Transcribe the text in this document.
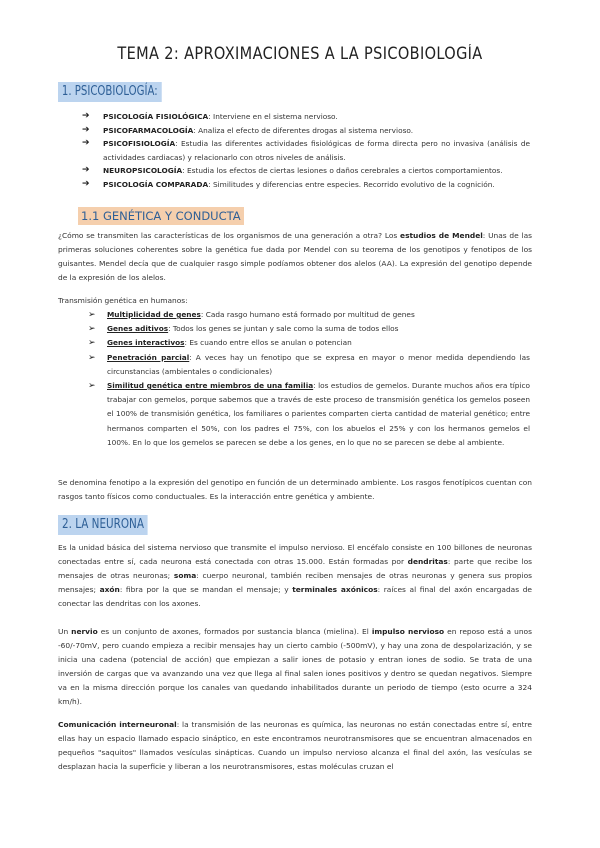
TEMA 2: APROXIMACIONES A LA PSICOBIOLOGÍA
1. PSICOBIOLOGÍA:
➔ PSICOLOGÍA FISIOLÓGICA: Interviene en el sistema nervioso.
➔ PSICOFARMACOLOGÍA: Analiza el efecto de diferentes drogas al sistema nervioso.
➔ PSICOFISIOLOGÍA: Estudia las diferentes actividades fisiológicas de forma directa pero no invasiva (análisis de actividades cardiacas) y relacionarlo con otros niveles de análisis.
➔ NEUROPSICOLOGÍA: Estudia los efectos de ciertas lesiones o daños cerebrales a ciertos comportamientos.
➔ PSICOLOGÍA COMPARADA: Similitudes y diferencias entre especies. Recorrido evolutivo de la cognición.
1.1 GENÉTICA Y CONDUCTA

¿Cómo se transmiten las características de los organismos de una generación a otra? Los estudios de Mendel: Unas de las primeras soluciones coherentes sobre la genética fue dada por Mendel con su teorema de los genotipos y fenotipos de los guisantes. Mendel decía que de cualquier rasgo simple podíamos obtener dos alelos (AA). La expresión del genotipo depende de la expresión de los alelos.

Transmisión genética en humanos:

➢ Multiplicidad de genes: Cada rasgo humano está formado por multitud de genes
➢ Genes aditivos: Todos los genes se juntan y sale como la suma de todos ellos
➢ Genes interactivos: Es cuando entre ellos se anulan o potencian
➢ Penetración parcial: A veces hay un fenotipo que se expresa en mayor o menor medida dependiendo las circunstancias (ambientales o condicionales)
➢ Similitud genética entre miembros de una familia: los estudios de gemelos. Durante muchos años era típico trabajar con gemelos, porque sabemos que a través de este proceso de transmisión genética los gemelos poseen el 100% de transmisión genética, los familiares o parientes comparten cierta cantidad de material genético; entre hermanos comparten el 50%, con los padres el 75%, con los abuelos el 25% y con los hermanos gemelos el 100%. En lo que los gemelos se parecen se debe a los genes, en lo que no se parecen se debe al ambiente.

Se denomina fenotipo a la expresión del genotipo en función de un determinado ambiente. Los rasgos fenotípicos cuentan con rasgos tanto físicos como conductuales. Es la interacción entre genética y ambiente.

2. LA NEURONA

Es la unidad básica del sistema nervioso que transmite el impulso nervioso. El encéfalo consiste en 100 billones de neuronas conectadas entre sí, cada neurona está conectada con otras 15.000. Están formadas por dendritas: parte que recibe los mensajes de otras neuronas; soma: cuerpo neuronal, también reciben mensajes de otras neuronas y genera sus propios mensajes; axón: fibra por la que se mandan el mensaje; y terminales axónicos: raíces al final del axón encargadas de conectar las dendritas con los axones.

Un nervio es un conjunto de axones, formados por sustancia blanca (mielina). El impulso nervioso en reposo está a unos -60/-70mV, pero cuando empieza a recibir mensajes hay un cierto cambio (-500mV), y hay una zona de despolarización, y se inicia una cadena (potencial de acción) que empiezan a salir iones de potasio y entran iones de sodio. Se trata de una inversión de cargas que va avanzando una vez que llega al final salen iones positivos y dentro se quedan negativos. Siempre va en la misma dirección porque los canales van quedando inhabilitados durante un periodo de tiempo (esto ocurre a 324 km/h).

Comunicación interneuronal: la transmisión de las neuronas es química, las neuronas no están conectadas entre sí, entre ellas hay un espacio llamado espacio sináptico, en este encontramos neurotransmisores que se encuentran almacenados en pequeños "saquitos" llamados vesículas sinápticas. Cuando un impulso nervioso alcanza el final del axón, las vesículas se desplazan hacia la superficie y liberan a los neurotransmisores, estas moléculas cruzan el
